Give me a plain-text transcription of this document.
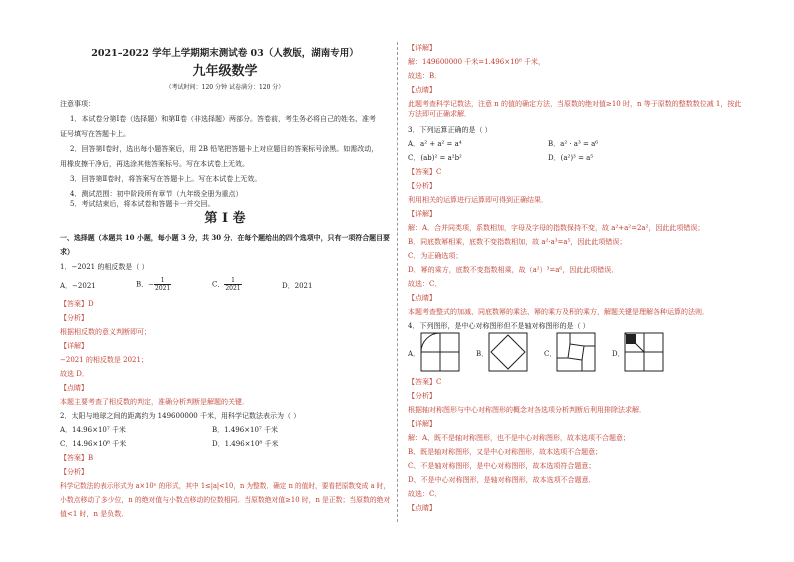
2021–2022 学年上学期期末测试卷 03（人教版，湖南专用）
九年级数学
（考试时间：120 分钟 试卷满分：120 分）
注意事项：
1．本试卷分第Ⅰ卷（选择题）和第Ⅱ卷（非选择题）两部分。答卷前，考生务必将自己的姓名、准考
证号填写在答题卡上。
2．回答第Ⅰ卷时，选出每小题答案后，用 2B 铅笔把答题卡上对应题目的答案标号涂黑。如需改动，
用橡皮擦干净后，再选涂其他答案标号。写在本试卷上无效。
3．回答第Ⅱ卷时，将答案写在答题卡上。写在本试卷上无效。
4．测试范围：初中阶段所有章节（九年级全册为重点）
5．考试结束后，将本试卷和答题卡一并交回。
第 Ⅰ 卷
一、选择题（本题共 10 小题，每小题 3 分，共 30 分．在每个题给出的四个选项中，只有一项符合题目要
求）
1．−2021 的相反数是（ ）
A．−2021	B．− $\frac{1}{2021}$	C． $\frac{1}{2021}$	D．2021
【答案】D
【分析】
根据相反数的意义判断即可；
【详解】
−2021 的相反数是 2021；
故选 D．
【点睛】
本题主要考查了相反数的判定，准确分析判断是解题的关键．
2．太阳与地球之间的距离约为 149600000 千米，用科学记数法表示为（ ）
A．14.96×10⁷ 千米	B．1.496×10⁷ 千米
C．14.96×10⁸ 千米	D．1.496×10⁸ 千米
【答案】B
【分析】
科学记数法的表示形式为 a×10ⁿ 的形式，其中 1≤|a|<10，n 为整数．确定 n 的值时，要看把原数变成 a 时，
小数点移动了多少位，n 的绝对值与小数点移动的位数相同．当原数绝对值≥10 时，n 是正数；当原数的绝对
值<1 时，n 是负数．
【详解】
解：149600000 千米=1.496×10⁸ 千米，
故选：B．
【点睛】
此题考查科学记数法，注意 n 的值的确定方法，当原数的绝对值≥10 时，n 等于原数的整数数位减 1，按此
方法即可正确求解．
3．下列运算正确的是（ ）
A．a² + a² = a⁴	B．a² · a³ = a⁶
C．(ab)² = a²b²	D．(a²)³ = a⁵
【答案】C
【分析】
利用相关的运算进行运算即可得到正确结果．
【详解】
解：A．合并同类项，系数相加，字母及字母的指数保持不变，故 a²+a²=2a²，因此此项错误；
B．同底数幂相乘，底数不变指数相加，故 a²·a³=a⁵，因此此项错误；
C．为正确选项；
D．幂的乘方，底数不变指数相乘，故（a²）³=a⁶，因此此项错误．
故选：C．
【点睛】
本题考查整式的加减、同底数幂的乘法、幂的乘方及积的乘方，解题关键是理解各种运算的法则．
4．下列图形，是中心对称图形但不是轴对称图形的是（ ）
A．	B．	C．	D．
【答案】C
【分析】
根据轴对称图形与中心对称图形的概念对各选项分析判断后利用排除法求解．
【详解】
解：A、既不是轴对称图形，也不是中心对称图形，故本选项不合题意；
B、既是轴对称图形，又是中心对称图形，故本选项不合题意；
C、不是轴对称图形，是中心对称图形，故本选项符合题意；
D、不是中心对称图形，是轴对称图形，故本选项不合题意．
故选：C．
【点睛】
